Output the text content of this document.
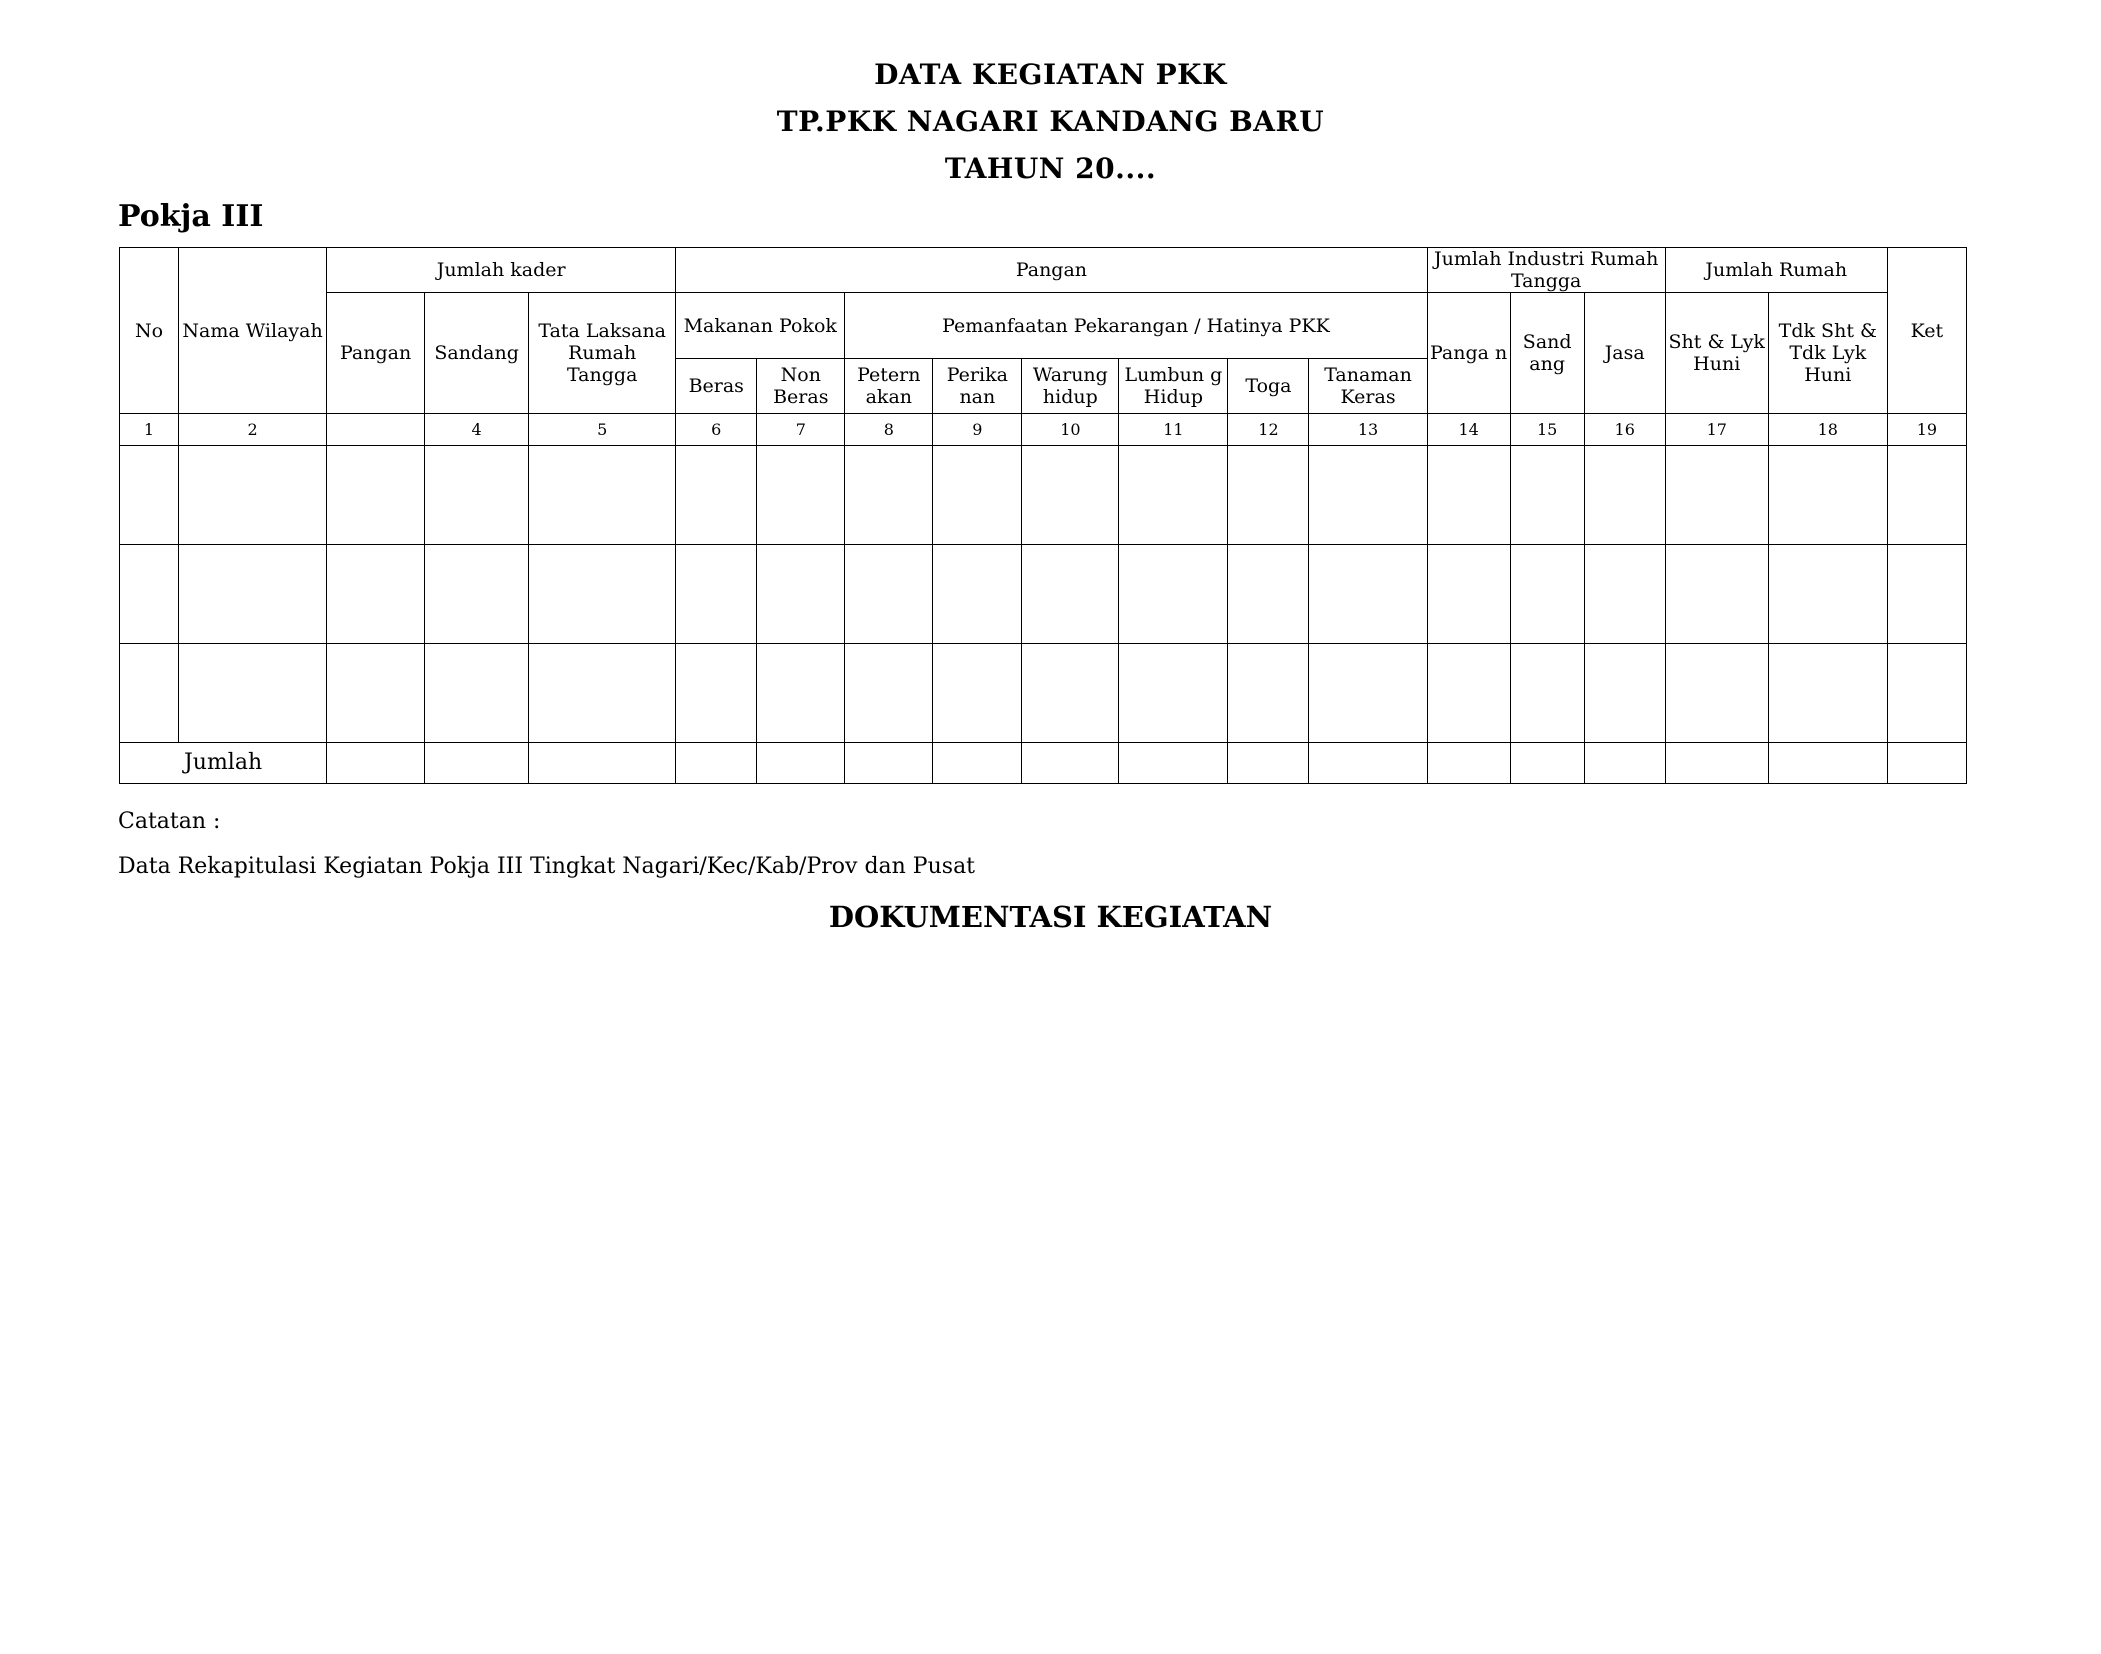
DATA KEGIATAN PKK
TP.PKK NAGARI KANDANG BARU
TAHUN 20....
Pokja III
No	Nama Wilayah	Jumlah kader			Pangan								Jumlah Industri Rumah Tangga			Jumlah Rumah		Ket
		Pangan	Sandang	Tata Laksana Rumah Tangga	Makanan Pokok		Pemanfaatan Pekarangan / Hatinya PKK						Panga n	Sand ang	Jasa	Sht & Lyk Huni	Tdk Sht & Tdk Lyk Huni	
					Beras	Non Beras	Petern akan	Perika nan	Warung hidup	Lumbun g Hidup	Toga	Tanaman Keras						
1	2		4	5	6	7	8	9	10	11	12	13	14	15	16	17	18	19

Jumlah																		
Catatan :
Data Rekapitulasi Kegiatan Pokja III Tingkat Nagari/Kec/Kab/Prov dan Pusat
DOKUMENTASI KEGIATAN
